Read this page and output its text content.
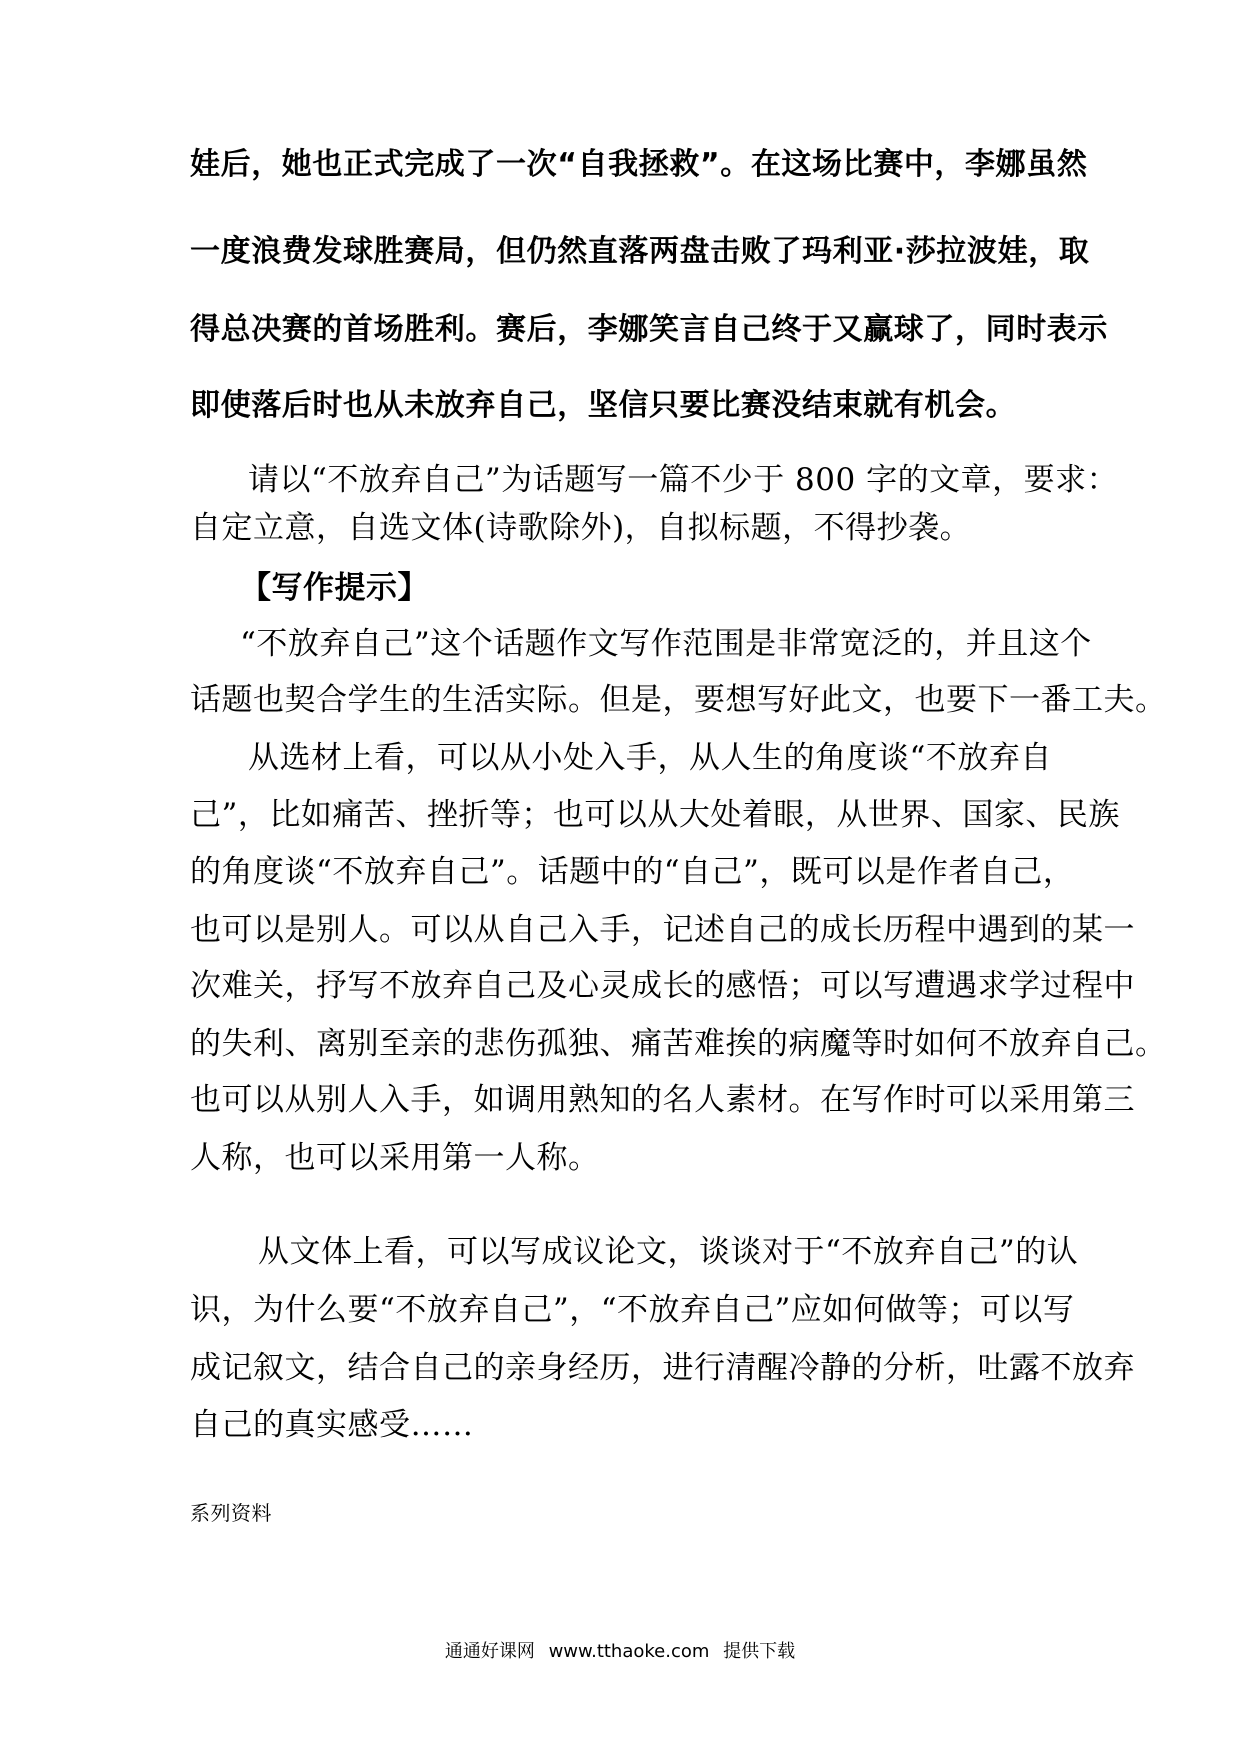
娃后，她也正式完成了一次“自我拯救”。在这场比赛中，李娜虽然
一度浪费发球胜赛局，但仍然直落两盘击败了玛利亚·莎拉波娃，取
得总决赛的首场胜利。赛后，李娜笑言自己终于又赢球了，同时表示
即使落后时也从未放弃自己，坚信只要比赛没结束就有机会。
请以“不放弃自己”为话题写一篇不少于 800 字的文章，要求：
自定立意，自选文体(诗歌除外)，自拟标题，不得抄袭。
【写作提示】
“不放弃自己”这个话题作文写作范围是非常宽泛的，并且这个
话题也契合学生的生活实际。但是，要想写好此文，也要下一番工夫。
从选材上看，可以从小处入手，从人生的角度谈“不放弃自
己”，比如痛苦、挫折等；也可以从大处着眼，从世界、国家、民族
的角度谈“不放弃自己”。话题中的“自己”，既可以是作者自己，
也可以是别人。可以从自己入手，记述自己的成长历程中遇到的某一
次难关，抒写不放弃自己及心灵成长的感悟；可以写遭遇求学过程中
的失利、离别至亲的悲伤孤独、痛苦难挨的病魔等时如何不放弃自己。
也可以从别人入手，如调用熟知的名人素材。在写作时可以采用第三
人称，也可以采用第一人称。
从文体上看，可以写成议论文，谈谈对于“不放弃自己”的认
识，为什么要“不放弃自己”，“不放弃自己”应如何做等；可以写
成记叙文，结合自己的亲身经历，进行清醒冷静的分析，吐露不放弃
自己的真实感受……
系列资料
通通好课网 www.tthaoke.com 提供下载
